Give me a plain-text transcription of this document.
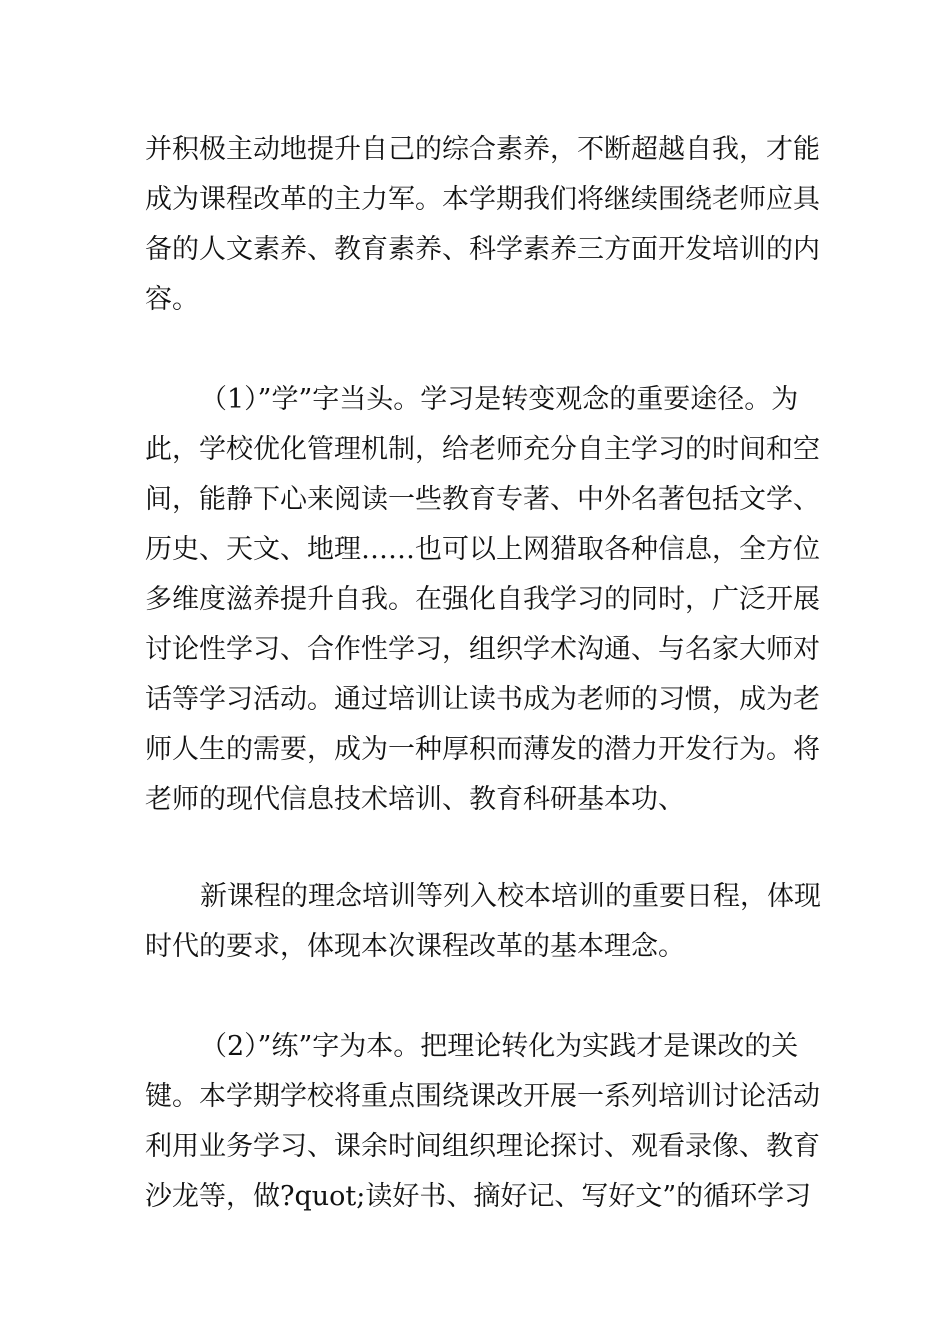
并积极主动地提升自己的综合素养，不断超越自我，才能
成为课程改革的主力军。本学期我们将继续围绕老师应具
备的人文素养、教育素养、科学素养三方面开发培训的内
容。
（1）”学”字当头。学习是转变观念的重要途径。为
此，学校优化管理机制，给老师充分自主学习的时间和空
间，能静下心来阅读一些教育专著、中外名著包括文学、
历史、天文、地理……也可以上网猎取各种信息，全方位
多维度滋养提升自我。在强化自我学习的同时，广泛开展
讨论性学习、合作性学习，组织学术沟通、与名家大师对
话等学习活动。通过培训让读书成为老师的习惯，成为老
师人生的需要，成为一种厚积而薄发的潜力开发行为。将
老师的现代信息技术培训、教育科研基本功、
新课程的理念培训等列入校本培训的重要日程，体现
时代的要求，体现本次课程改革的基本理念。
（2）”练”字为本。把理论转化为实践才是课改的关
键。本学期学校将重点围绕课改开展一系列培训讨论活动
利用业务学习、课余时间组织理论探讨、观看录像、教育
沙龙等，做?quot;读好书、摘好记、写好文”的循环学习
